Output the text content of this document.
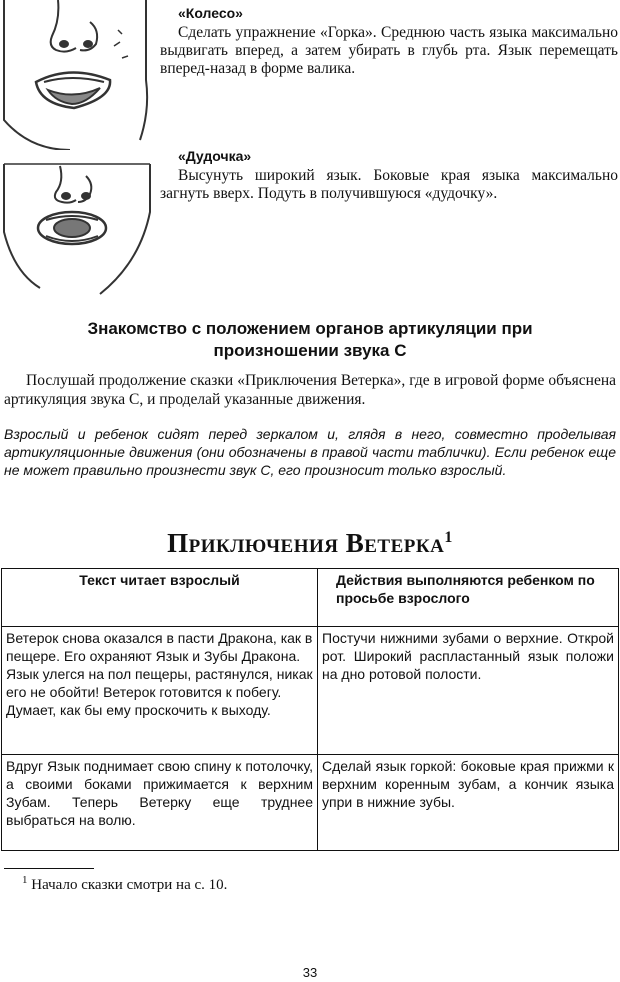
«Колесо»
Сделать упражнение «Горка». Среднюю часть языка максимально выдвигать вперед, а затем убирать в глубь рта. Язык перемещать вперед-назад в форме валика.
«Дудочка»
Высунуть широкий язык. Боковые края языка максимально загнуть вверх. Подуть в получившуюся «дудочку».
Знакомство с положением органов артикуляции при
произношении звука С
Послушай продолжение сказки «Приключения Ветерка», где в игровой форме объяснена артикуляция звука С, и проделай указанные движения.
Взрослый и ребенок сидят перед зеркалом и, глядя в него, совместно проделывая артикуляционные движения (они обозначены в правой части таблички). Если ребенок еще не может правильно произнести звук С, его произносит только взрослый.
Приключения Ветерка$^1$
Текст читает взрослый	Действия выполняются ребенком по просьбе взрослого
Ветерок снова оказался в пасти Дракона, как в пещере. Его охраняют Язык и Зубы Дракона. Язык улегся на пол пещеры, растянулся, никак его не обойти! Ветерок готовится к побегу. Думает, как бы ему проскочить к выходу.	Постучи нижними зубами о верхние. Открой рот. Широкий распластанный язык положи на дно ротовой полости.
Вдруг Язык поднимает свою спину к потолочку, а своими боками прижимается к верхним Зубам. Теперь Ветерку еще труднее выбраться на волю.	Сделай язык горкой: боковые края прижми к верхним коренным зубам, а кончик языка упри в нижние зубы.
$^1$ Начало сказки смотри на с. 10.
33
